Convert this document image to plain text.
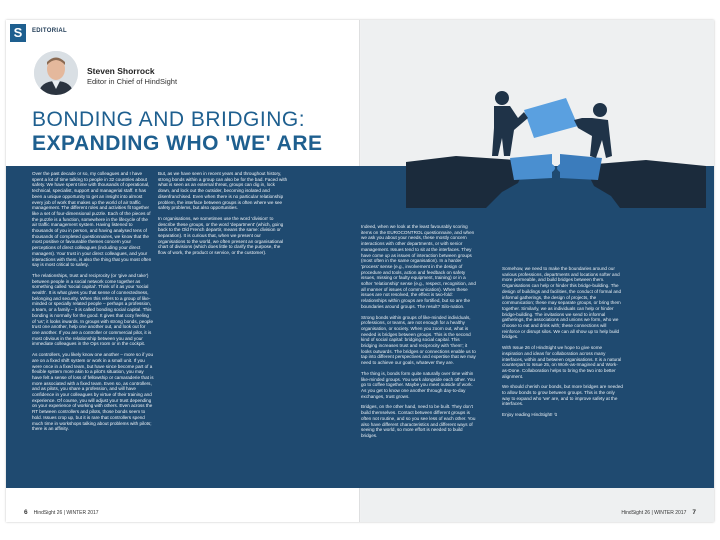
S	EDITORIAL
Steven Shorrock
Editor in Chief of HindSight
BONDING AND BRIDGING:
EXPANDING WHO 'WE' ARE
6 HindSight 26 | WINTER 2017	HindSight 26 | WINTER 2017 7

Over the past decade or so, my colleagues and I have spent a lot of time talking to people in 32 countries about safety. We have spent time with thousands of operational, technical, specialist, support and managerial staff. It has been a unique opportunity to get an insight into almost every job of work that makes up the world of air traffic management. The different roles and activities fit together like a set of four-dimensional puzzle. Each of the pieces of the puzzle is a function, somewhere in the lifecycle of the air traffic management system. Having listened to thousands of you in person, and having analysed tens of thousands of completed questionnaires, we know that the most positive or favourable themes concern your perceptions of direct colleagues (including your direct managers). Your trust in your direct colleagues, and your interactions with them, is also the thing that you most often say is most critical to safety.

The relationships, trust and reciprocity (or 'give and take') between people in a social network come together as something called 'social capital'. Think of it as your 'social wealth'. It is what gives you that sense of connectedness, belonging and security. When this refers to a group of like-minded or specially related people – perhaps a profession, a team, or a family – it is called bonding social capital. This bonding is normally for the good. It gives that cozy feeling of 'us'; it looks inwards. In groups with strong bonds, people trust one another, help one another out, and look out for one another. If you are a controller or commercial pilot, it is most obvious in the relationship between you and your immediate colleagues in the Ops room or in the cockpit.

As controllers, you likely know one another – more so if you are on a fixed shift system or work in a small unit. If you were once in a fixed team, but have since become part of a flexible system more akin to a pilot's situation, you may have felt a sense of loss of fellowship or camaraderie that is more associated with a fixed team. Even so, as controllers, and as pilots, you share a profession, and will have confidence in your colleagues by virtue of their training and experience. Of course, you will adjust your trust depending on your experience of working with others. Even across the RT between controllers and pilots, those bonds seem to hold. Issues crop up, but it is rare that controllers spend much time in workshops talking about problems with pilots; there is an affinity.

But, as we have seen in recent years and throughout history, strong bonds within a group can also be for the bad. Faced with what is seen as an external threat, groups can dig in, lock down, and lock out the outsider, becoming isolated and disenfranchised. Even when there is no particular relationship problem, the interface between groups is often where we see safety problems, but also opportunities.

In organisations, we sometimes use the word 'division' to describe these groups, or the word 'department' (which, going back to the Old French departir, means the same: division or separation). It is curious that, when we present our organisations to the world, we often present an organisational chart of divisions (which does little to clarify the purpose, the flow of work, the product or service, or the customer).

Indeed, when we look at the least favourably scoring items on the EUROCONTROL questionnaire, and when we ask you about your needs, these mostly concern interactions with other departments, or with senior management. Issues tend to sit at the interfaces. They have come up as issues of interaction between groups (most often in the same organisation). In a harder 'process' sense (e.g., involvement in the design of procedure and tools, action and feedback on safety issues, missing or faulty equipment, training) or in a softer 'relationship' sense (e.g., respect, recognition, and all manner of issues of communication). When these issues are not resolved, the effect is two-fold: relationships within groups are fortified, but so are the boundaries around groups. The result? Silo-nation.

Strong bonds within groups of like-minded individuals, professions, or teams, are not enough for a healthy organisation, or society. When you zoom out, what is needed is bridges between groups. This is the second kind of social capital: bridging social capital. This bridging increases trust and reciprocity with 'them'; it looks outwards. The bridges or connections enable us to tap into different perspectives and expertise that we may need to achieve our goals, whatever they are.

The thing is, bonds form quite naturally over time within like-minded groups. You work alongside each other. You go to coffee together. Maybe you meet outside of work. As you get to know one another through day-to-day exchanges, trust grows.

Bridges, on the other hand, need to be built. They don't build themselves. Contact between different groups is often not routine, and so you see less of each other. You also have different characteristics and different ways of seeing the world, so more effort is needed to build bridges.

Somehow, we need to make the boundaries around our various professions, departments and locations softer and more permeable, and build bridges between them. Organisations can help or hinder this bridge-building. The design of buildings and facilities, the conduct of formal and informal gatherings, the design of projects, the communication; these may separate groups, or bring them together. Similarly, we as individuals can help or hinder bridge-building. The invitations we send to informal gatherings, the associations and unions we form, who we choose to eat and drink with; these connections will reinforce or disrupt silos. We can all show up to help build bridges.

With Issue 26 of HindSight we hope to give some inspiration and ideas for collaboration across many interfaces, within and between organisations. It is a natural counterpart to Issue 25, on Work-as-Imagined and Work-as-Done. Collaboration helps to bring the two into better alignment.

We should cherish our bonds, but more bridges are needed to allow bonds to grow between groups. This is the only way to expand who 'we' are, and to improve safety at the interfaces.

Enjoy reading HindSight! ↯
